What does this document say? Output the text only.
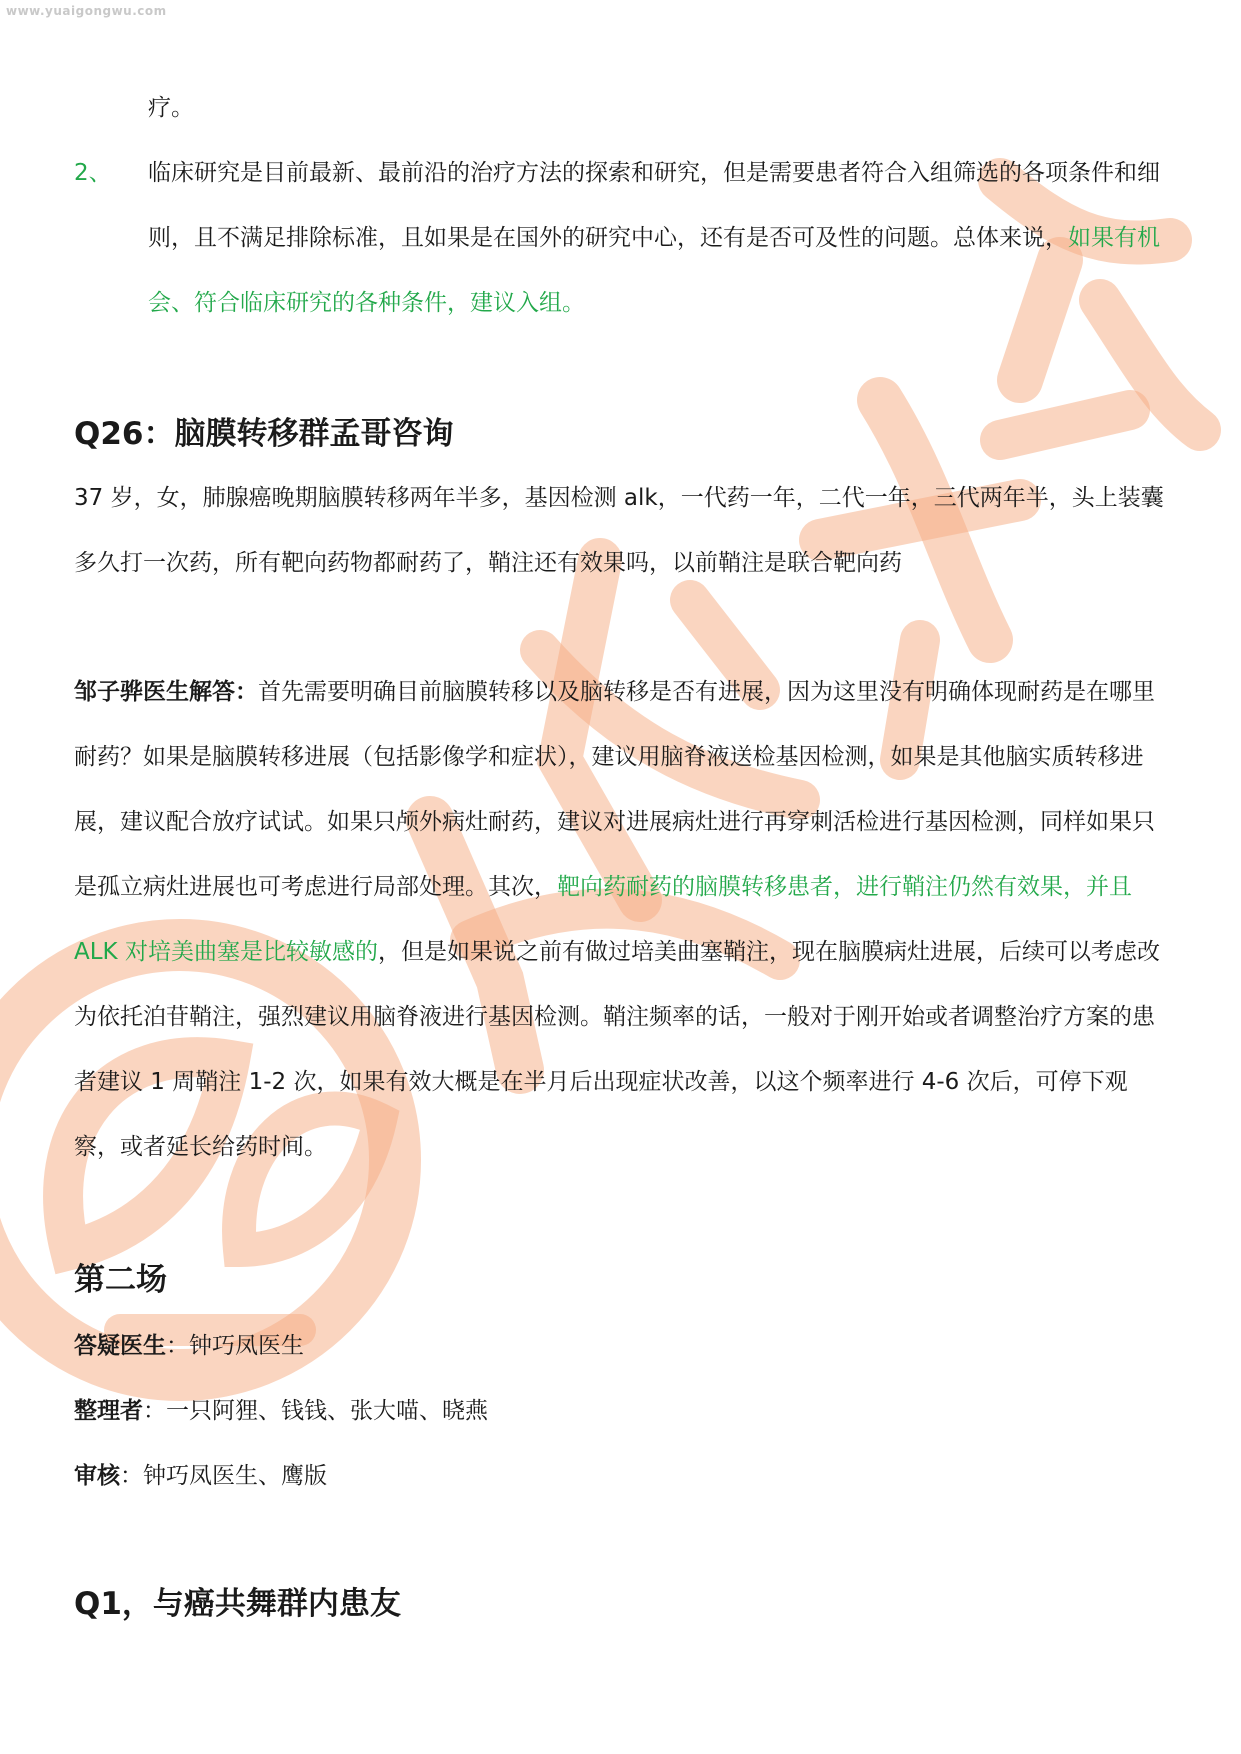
www.yuaigongwu.com
疗。
2、 临床研究是目前最新、最前沿的治疗方法的探索和研究，但是需要患者符合入组筛选的各项条件和细则，且不满足排除标准，且如果是在国外的研究中心，还有是否可及性的问题。总体来说，如果有机会、符合临床研究的各种条件，建议入组。
Q26：脑膜转移群孟哥咨询
37 岁，女，肺腺癌晚期脑膜转移两年半多，基因检测 alk，一代药一年，二代一年，三代两年半，头上装囊多久打一次药，所有靶向药物都耐药了，鞘注还有效果吗，以前鞘注是联合靶向药
邹子骅医生解答：首先需要明确目前脑膜转移以及脑转移是否有进展，因为这里没有明确体现耐药是在哪里耐药？如果是脑膜转移进展（包括影像学和症状），建议用脑脊液送检基因检测，如果是其他脑实质转移进展，建议配合放疗试试。如果只颅外病灶耐药，建议对进展病灶进行再穿刺活检进行基因检测，同样如果只是孤立病灶进展也可考虑进行局部处理。其次，靶向药耐药的脑膜转移患者，进行鞘注仍然有效果，并且 ALK 对培美曲塞是比较敏感的，但是如果说之前有做过培美曲塞鞘注，现在脑膜病灶进展，后续可以考虑改为依托泊苷鞘注，强烈建议用脑脊液进行基因检测。鞘注频率的话，一般对于刚开始或者调整治疗方案的患者建议 1 周鞘注 1-2 次，如果有效大概是在半月后出现症状改善，以这个频率进行 4-6 次后，可停下观察，或者延长给药时间。
第二场
答疑医生：钟巧凤医生
整理者：一只阿狸、钱钱、张大喵、晓燕
审核：钟巧凤医生、鹰版
Q1，与癌共舞群内患友
